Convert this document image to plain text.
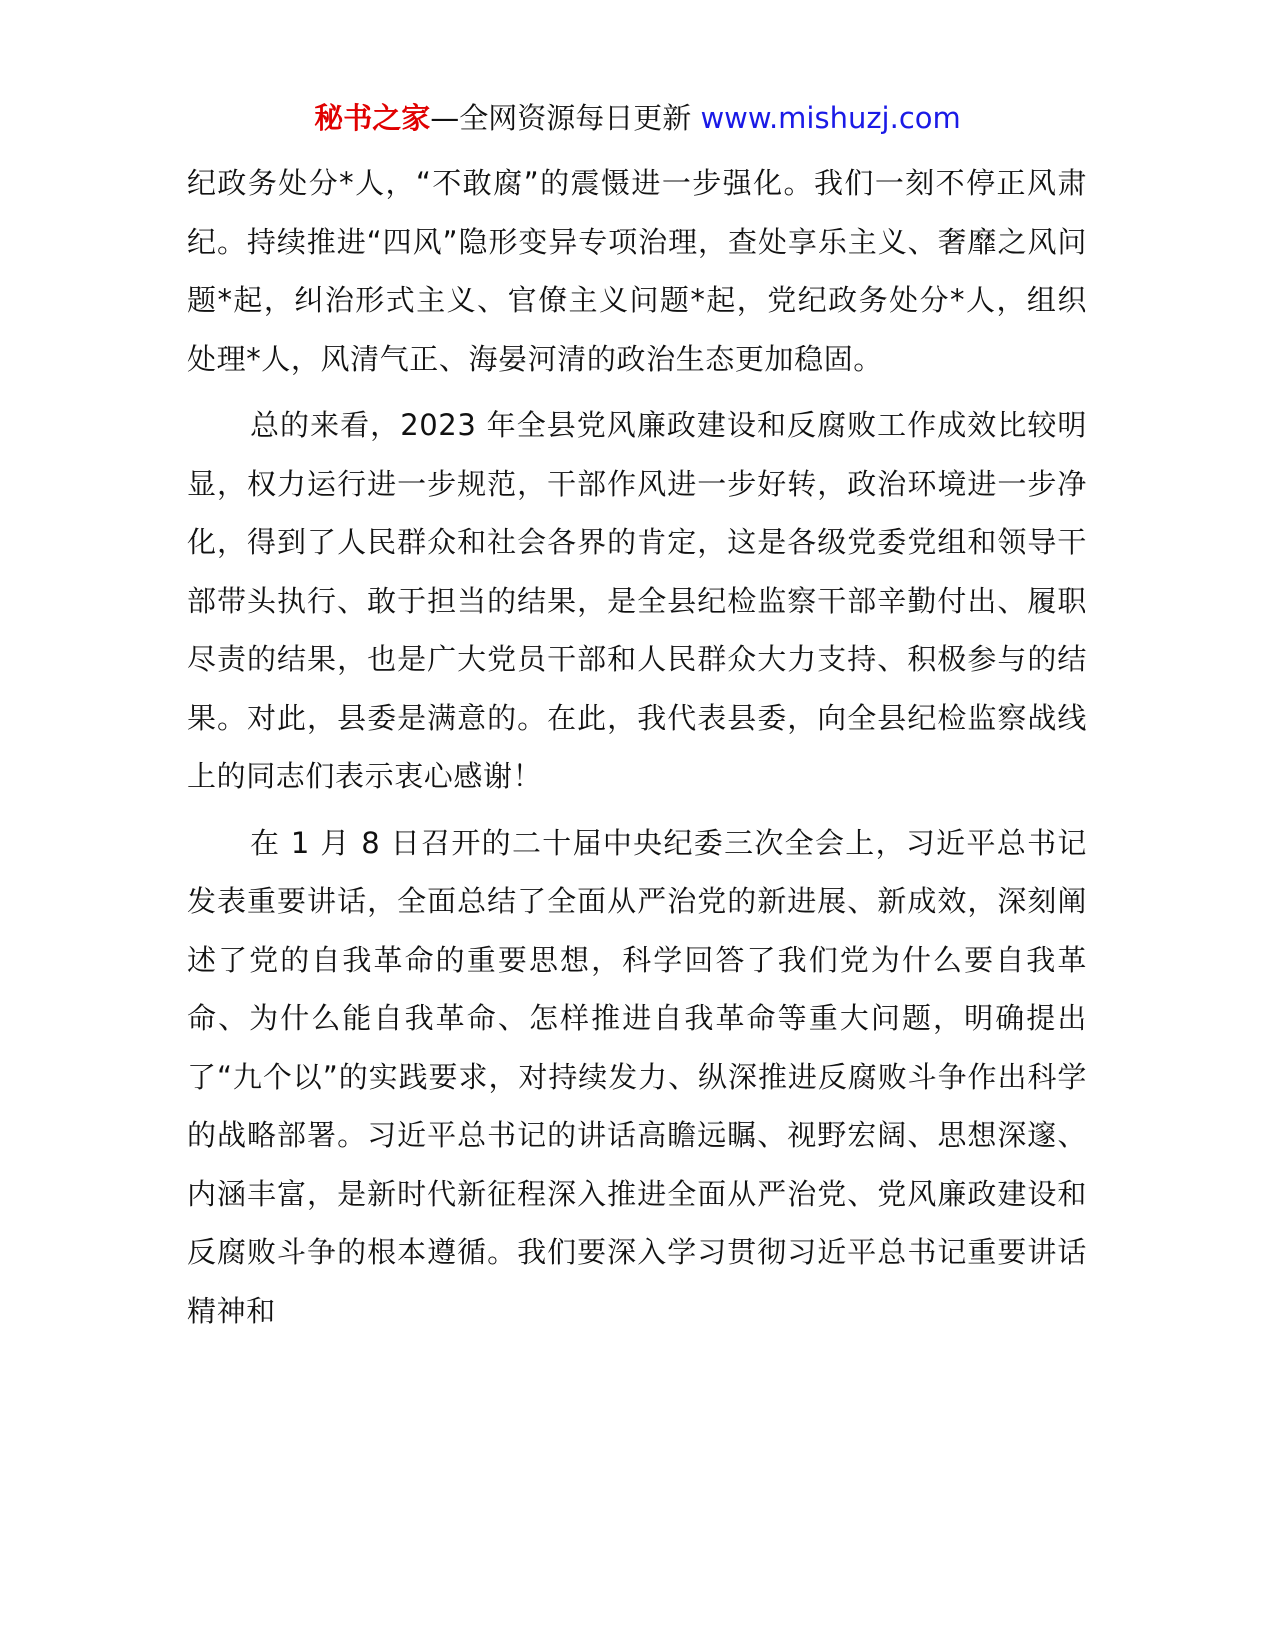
秘书之家—全网资源每日更新 www.mishuzj.com

纪政务处分*人，“不敢腐”的震慑进一步强化。我们一刻不停正风肃纪。持续推进“四风”隐形变异专项治理，查处享乐主义、奢靡之风问题*起，纠治形式主义、官僚主义问题*起，党纪政务处分*人，组织处理*人，风清气正、海晏河清的政治生态更加稳固。

总的来看，2023 年全县党风廉政建设和反腐败工作成效比较明显，权力运行进一步规范，干部作风进一步好转，政治环境进一步净化，得到了人民群众和社会各界的肯定，这是各级党委党组和领导干部带头执行、敢于担当的结果，是全县纪检监察干部辛勤付出、履职尽责的结果，也是广大党员干部和人民群众大力支持、积极参与的结果。对此，县委是满意的。在此，我代表县委，向全县纪检监察战线上的同志们表示衷心感谢！

在 1 月 8 日召开的二十届中央纪委三次全会上，习近平总书记发表重要讲话，全面总结了全面从严治党的新进展、新成效，深刻阐述了党的自我革命的重要思想，科学回答了我们党为什么要自我革命、为什么能自我革命、怎样推进自我革命等重大问题，明确提出了“九个以”的实践要求，对持续发力、纵深推进反腐败斗争作出科学的战略部署。习近平总书记的讲话高瞻远瞩、视野宏阔、思想深邃、内涵丰富，是新时代新征程深入推进全面从严治党、党风廉政建设和反腐败斗争的根本遵循。我们要深入学习贯彻习近平总书记重要讲话精神和
